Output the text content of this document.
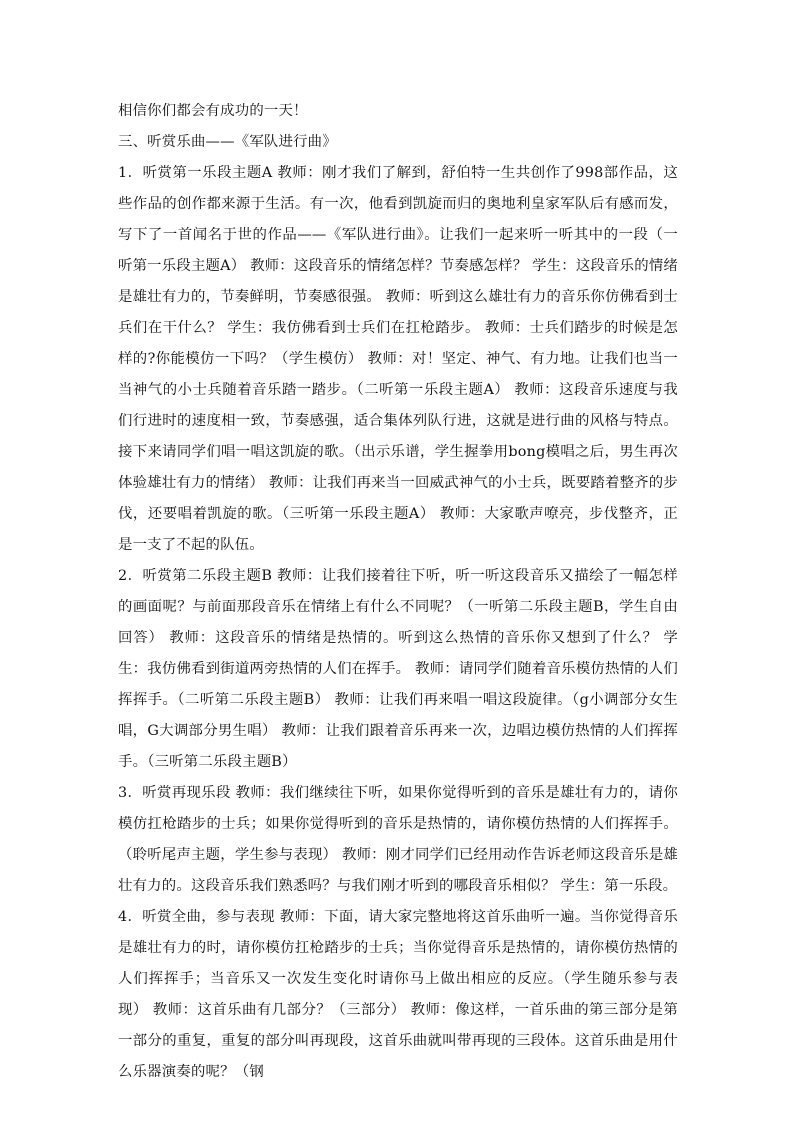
相信你们都会有成功的一天！

三、听赏乐曲——《军队进行曲》

1．听赏第一乐段主题A 教师：刚才我们了解到，舒伯特一生共创作了998部作品，这些作品的创作都来源于生活。有一次，他看到凯旋而归的奥地利皇家军队后有感而发，写下了一首闻名于世的作品——《军队进行曲》。让我们一起来听一听其中的一段（一听第一乐段主题A） 教师：这段音乐的情绪怎样？节奏感怎样？ 学生：这段音乐的情绪是雄壮有力的，节奏鲜明，节奏感很强。 教师：听到这么雄壮有力的音乐你仿佛看到士兵们在干什么？ 学生：我仿佛看到士兵们在扛枪踏步。 教师：士兵们踏步的时候是怎样的?你能模仿一下吗？（学生模仿） 教师：对！坚定、神气、有力地。让我们也当一当神气的小士兵随着音乐踏一踏步。（二听第一乐段主题A） 教师：这段音乐速度与我们行进时的速度相一致，节奏感强，适合集体列队行进，这就是进行曲的风格与特点。接下来请同学们唱一唱这凯旋的歌。（出示乐谱，学生握拳用bong模唱之后，男生再次体验雄壮有力的情绪） 教师：让我们再来当一回威武神气的小士兵，既要踏着整齐的步伐，还要唱着凯旋的歌。（三听第一乐段主题A） 教师：大家歌声嘹亮，步伐整齐，正是一支了不起的队伍。

2．听赏第二乐段主题B 教师：让我们接着往下听，听一听这段音乐又描绘了一幅怎样的画面呢？与前面那段音乐在情绪上有什么不同呢？（一听第二乐段主题B，学生自由回答） 教师：这段音乐的情绪是热情的。听到这么热情的音乐你又想到了什么？ 学生：我仿佛看到街道两旁热情的人们在挥手。 教师：请同学们随着音乐模仿热情的人们挥挥手。（二听第二乐段主题B） 教师：让我们再来唱一唱这段旋律。（g小调部分女生唱，G大调部分男生唱） 教师：让我们跟着音乐再来一次，边唱边模仿热情的人们挥挥手。（三听第二乐段主题B）

3．听赏再现乐段 教师：我们继续往下听，如果你觉得听到的音乐是雄壮有力的，请你模仿扛枪踏步的士兵；如果你觉得听到的音乐是热情的，请你模仿热情的人们挥挥手。（聆听尾声主题，学生参与表现） 教师：刚才同学们已经用动作告诉老师这段音乐是雄壮有力的。这段音乐我们熟悉吗？与我们刚才听到的哪段音乐相似？ 学生：第一乐段。

4．听赏全曲，参与表现 教师：下面，请大家完整地将这首乐曲听一遍。当你觉得音乐是雄壮有力的时，请你模仿扛枪踏步的士兵；当你觉得音乐是热情的，请你模仿热情的人们挥挥手；当音乐又一次发生变化时请你马上做出相应的反应。（学生随乐参与表现） 教师：这首乐曲有几部分？（三部分） 教师：像这样，一首乐曲的第三部分是第一部分的重复，重复的部分叫再现段，这首乐曲就叫带再现的三段体。这首乐曲是用什么乐器演奏的呢？（钢
